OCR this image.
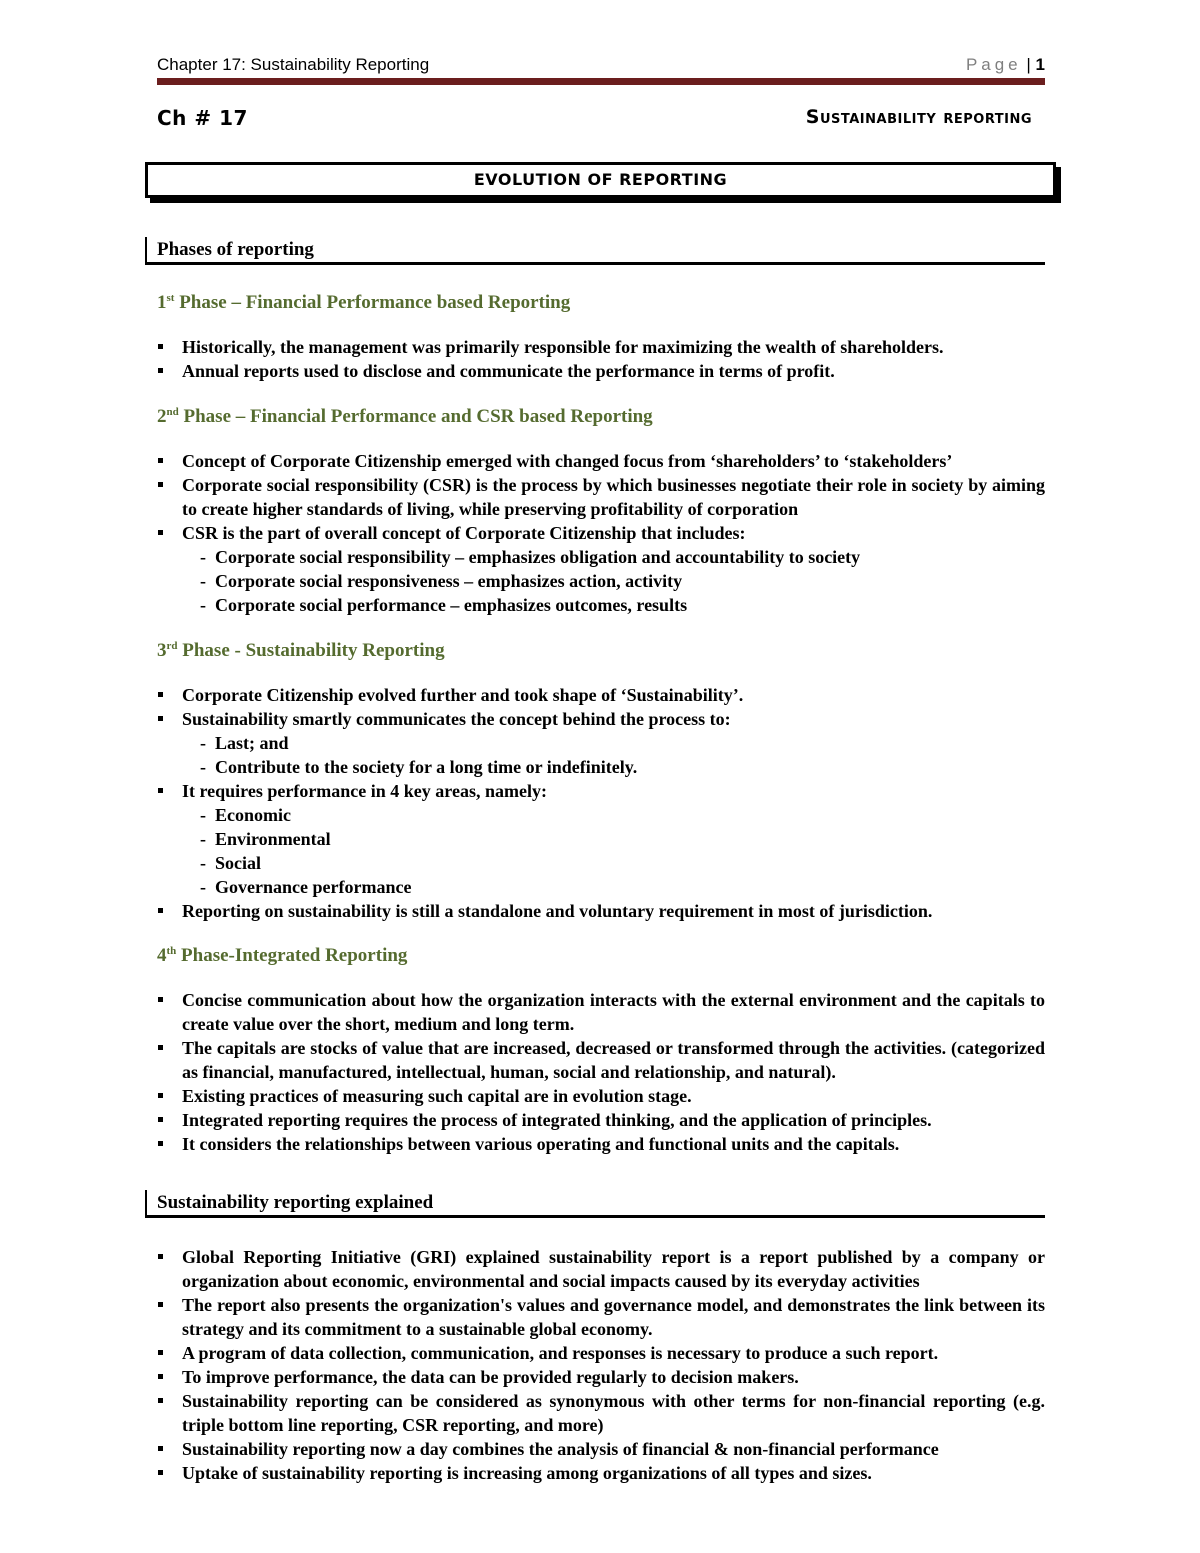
Chapter 17: Sustainability Reporting	Page | 1
Ch # 17	Sustainability reporting
EVOLUTION OF REPORTING
Phases of reporting
1st Phase – Financial Performance based Reporting
Historically, the management was primarily responsible for maximizing the wealth of shareholders.
Annual reports used to disclose and communicate the performance in terms of profit.
2nd Phase – Financial Performance and CSR based Reporting
Concept of Corporate Citizenship emerged with changed focus from ‘shareholders’ to ‘stakeholders’
Corporate social responsibility (CSR) is the process by which businesses negotiate their role in society by aiming to create higher standards of living, while preserving profitability of corporation
CSR is the part of overall concept of Corporate Citizenship that includes:
- Corporate social responsibility – emphasizes obligation and accountability to society
- Corporate social responsiveness – emphasizes action, activity
- Corporate social performance – emphasizes outcomes, results
3rd Phase - Sustainability Reporting
Corporate Citizenship evolved further and took shape of ‘Sustainability’.
Sustainability smartly communicates the concept behind the process to:
- Last; and
- Contribute to the society for a long time or indefinitely.
It requires performance in 4 key areas, namely:
- Economic
- Environmental
- Social
- Governance performance
Reporting on sustainability is still a standalone and voluntary requirement in most of jurisdiction.
4th Phase-Integrated Reporting
Concise communication about how the organization interacts with the external environment and the capitals to create value over the short, medium and long term.
The capitals are stocks of value that are increased, decreased or transformed through the activities. (categorized as financial, manufactured, intellectual, human, social and relationship, and natural).
Existing practices of measuring such capital are in evolution stage.
Integrated reporting requires the process of integrated thinking, and the application of principles.
It considers the relationships between various operating and functional units and the capitals.
Sustainability reporting explained
Global Reporting Initiative (GRI) explained sustainability report is a report published by a company or organization about economic, environmental and social impacts caused by its everyday activities
The report also presents the organization's values and governance model, and demonstrates the link between its strategy and its commitment to a sustainable global economy.
A program of data collection, communication, and responses is necessary to produce a such report.
To improve performance, the data can be provided regularly to decision makers.
Sustainability reporting can be considered as synonymous with other terms for non-financial reporting (e.g. triple bottom line reporting, CSR reporting, and more)
Sustainability reporting now a day combines the analysis of financial & non-financial performance
Uptake of sustainability reporting is increasing among organizations of all types and sizes.
